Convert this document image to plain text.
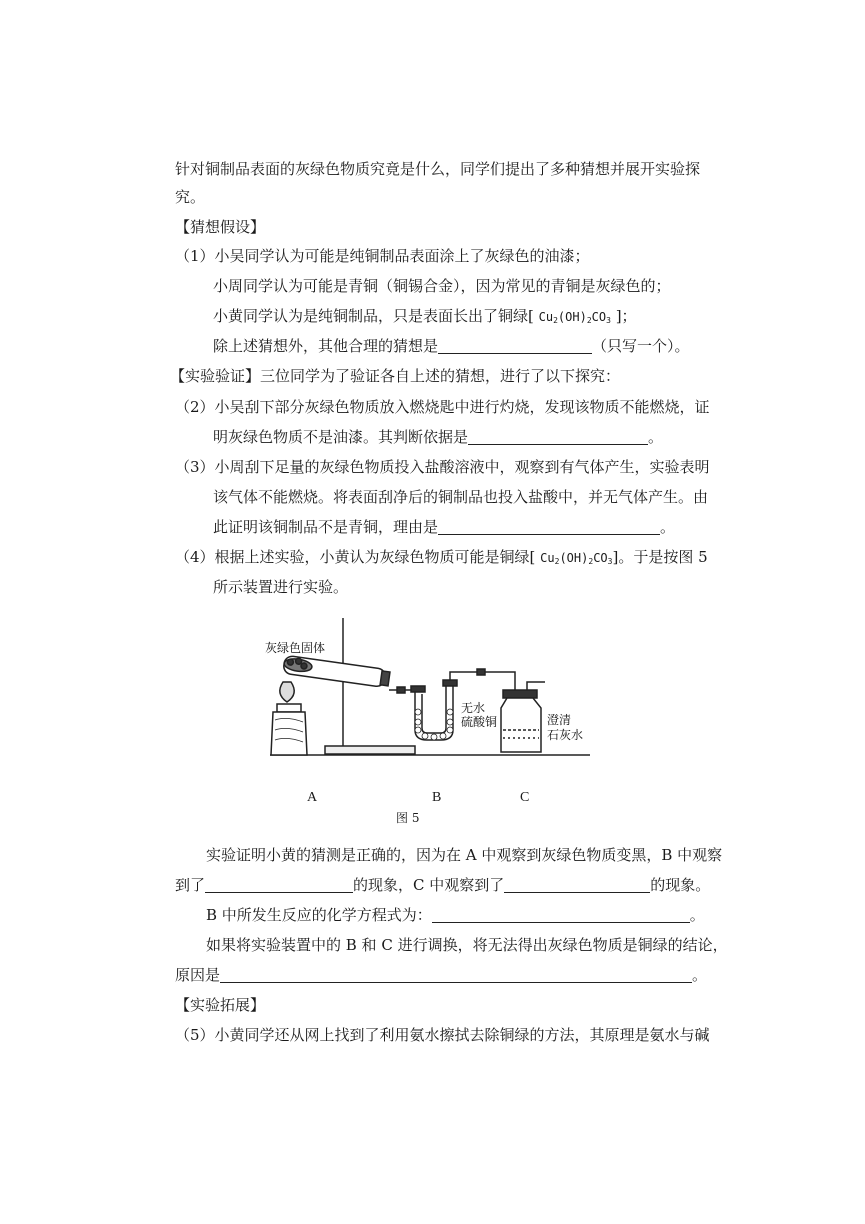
针对铜制品表面的灰绿色物质究竟是什么，同学们提出了多种猜想并展开实验探
究。
【猜想假设】
（1）小吴同学认为可能是纯铜制品表面涂上了灰绿色的油漆；
小周同学认为可能是青铜（铜锡合金），因为常见的青铜是灰绿色的；
小黄同学认为是纯铜制品，只是表面长出了铜绿[ $Cu_2(OH)_2CO_3$ ]；
除上述猜想外，其他合理的猜想是	（只写一个）。
【实验验证】三位同学为了验证各自上述的猜想，进行了以下探究：
（2）小吴刮下部分灰绿色物质放入燃烧匙中进行灼烧，发现该物质不能燃烧，证
明灰绿色物质不是油漆。其判断依据是	。
（3）小周刮下足量的灰绿色物质投入盐酸溶液中，观察到有气体产生，实验表明
该气体不能燃烧。将表面刮净后的铜制品也投入盐酸中，并无气体产生。由
此证明该铜制品不是青铜，理由是	。
（4）根据上述实验，小黄认为灰绿色物质可能是铜绿[ $Cu_2(OH)_2CO_3$]。于是按图 5
所示装置进行实验。
灰绿色固体
无水
硫酸铜	澄清
石灰水
A	B	C
图 5
实验证明小黄的猜测是正确的，因为在 A 中观察到灰绿色物质变黑，B 中观察
到了	的现象，C 中观察到了	的现象。
B 中所发生反应的化学方程式为：	。
如果将实验装置中的 B 和 C 进行调换，将无法得出灰绿色物质是铜绿的结论，
原因是	。
【实验拓展】
（5）小黄同学还从网上找到了利用氨水擦拭去除铜绿的方法，其原理是氨水与碱
